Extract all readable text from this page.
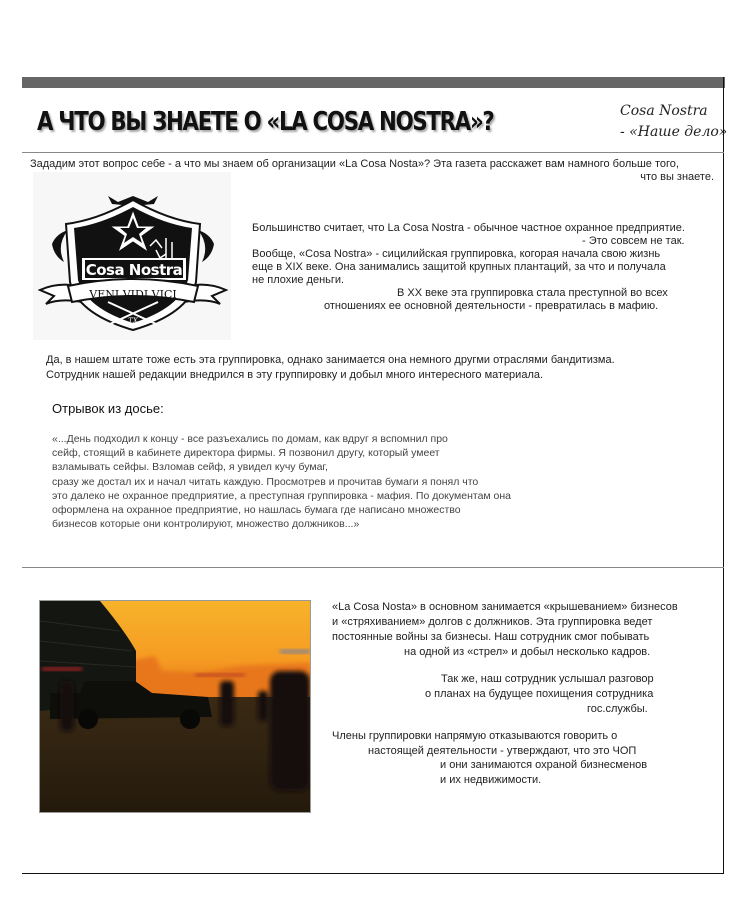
А ЧТО ВЫ ЗНАЕТЕ О «LA COSA NOSTRA»?	Cosa Nostra
- «Наше дело»
Зададим этот вопрос себе - а что мы знаем об организации «La Cosa Nosta»? Эта газета расскажет вам намного больше того,
что вы знаете.
Cosa Nostra
VENI VIDI VICI
TX
Большинство считает, что La Cosa Nostra - обычное частное охранное предприятие.
- Это совсем не так.
Вообще, «Cosa Nostra» - сицилийская группировка, когорая начала свою жизнь
еще в XIX веке. Она занимались защитой крупных плантаций, за что и получала
не плохие деньги.
В XX веке эта группировка стала преступной во всех
отношениях ее основной деятельности - превратилась в мафию.
Да, в нашем штате тоже есть эта группировка, однако занимается она немного другми отраслями бандитизма.
Сотрудник нашей редакции внедрился в эту группировку и добыл много интересного материала.
Отрывок из досье:
«...День подходил к концу - все разъехались по домам, как вдруг я вспомнил про
сейф, стоящий в кабинете директора фирмы. Я позвонил другу, который умеет
взламывать сейфы. Взломав сейф, я увидел кучу бумаг,
сразу же достал их и начал читать каждую. Просмотрев и прочитав бумаги я понял что
это далеко не охранное предприятие, а преступная группировка - мафия. По документам она
оформлена на охранное предприятие, но нашлась бумага где написано множество
бизнесов которые они контролируют, множество должников...»
«La Cosa Nosta» в основном занимается «крышеванием» бизнесов
и «стряхиванием» долгов с должников. Эта группировка ведет
постоянные войны за бизнесы. Наш сотрудник смог побывать
на одной из «стрел» и добыл несколько кадров.
Так же, наш сотрудник услышал разговор
о планах на будущее похищения сотрудника
гос.службы.
Члены группировки напрямую отказываются говорить о
настоящей деятельности - утверждают, что это ЧОП
и они занимаются охраной бизнесменов
и их недвижимости.
